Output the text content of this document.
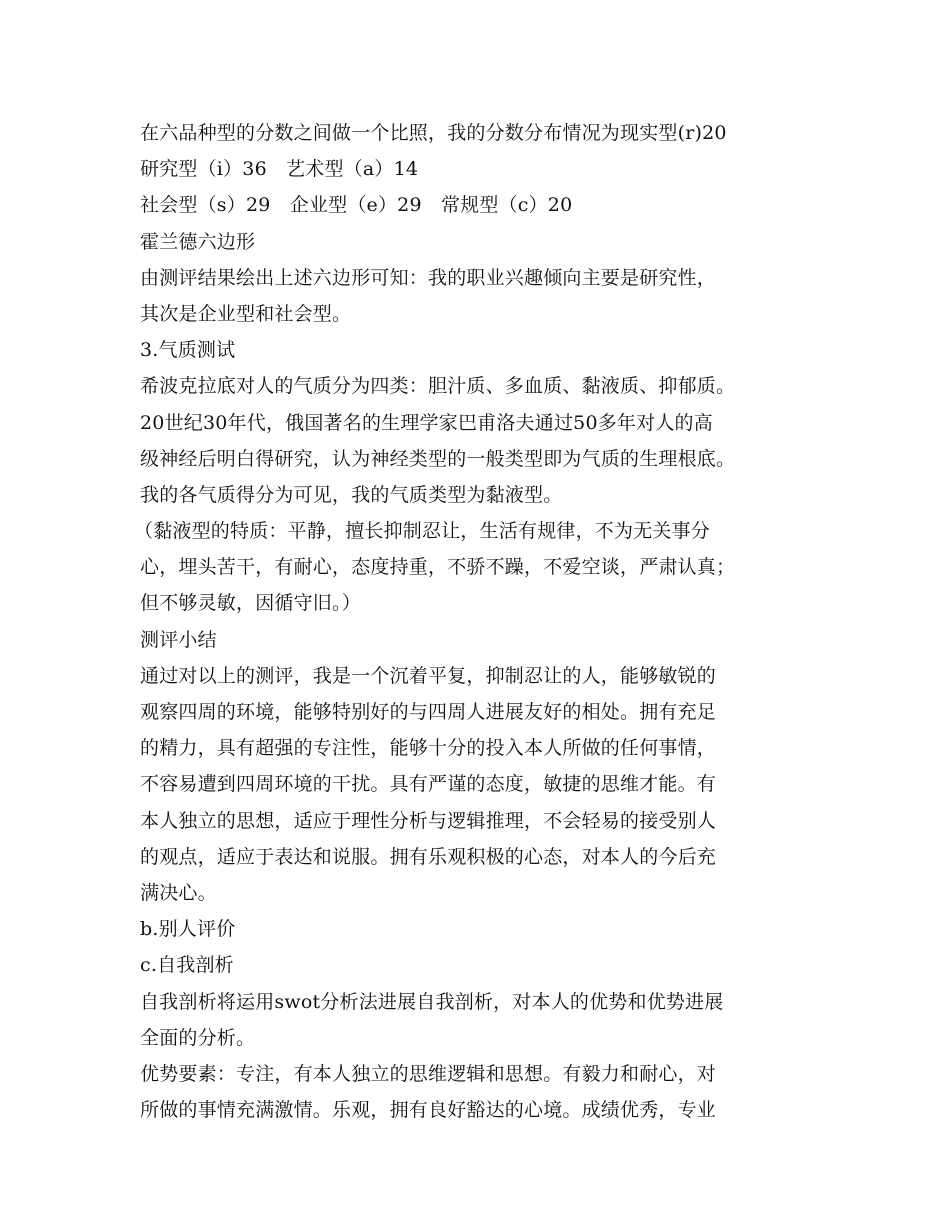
在六品种型的分数之间做一个比照，我的分数分布情况为现实型(r)20
研究型（i）36　艺术型（a）14
社会型（s）29　企业型（e）29　常规型（c）20
霍兰德六边形
由测评结果绘出上述六边形可知：我的职业兴趣倾向主要是研究性，
其次是企业型和社会型。
3.气质测试
希波克拉底对人的气质分为四类：胆汁质、多血质、黏液质、抑郁质。
20世纪30年代，俄国著名的生理学家巴甫洛夫通过50多年对人的高
级神经后明白得研究，认为神经类型的一般类型即为气质的生理根底。
我的各气质得分为可见，我的气质类型为黏液型。
（黏液型的特质：平静，擅长抑制忍让，生活有规律，不为无关事分
心，埋头苦干，有耐心，态度持重，不骄不躁，不爱空谈，严肃认真；
但不够灵敏，因循守旧。）
测评小结
通过对以上的测评，我是一个沉着平复，抑制忍让的人，能够敏锐的
观察四周的环境，能够特别好的与四周人进展友好的相处。拥有充足
的精力，具有超强的专注性，能够十分的投入本人所做的任何事情，
不容易遭到四周环境的干扰。具有严谨的态度，敏捷的思维才能。有
本人独立的思想，适应于理性分析与逻辑推理，不会轻易的接受别人
的观点，适应于表达和说服。拥有乐观积极的心态，对本人的今后充
满决心。
b.别人评价
c.自我剖析
自我剖析将运用swot分析法进展自我剖析，对本人的优势和优势进展
全面的分析。
优势要素：专注，有本人独立的思维逻辑和思想。有毅力和耐心，对
所做的事情充满激情。乐观，拥有良好豁达的心境。成绩优秀，专业
